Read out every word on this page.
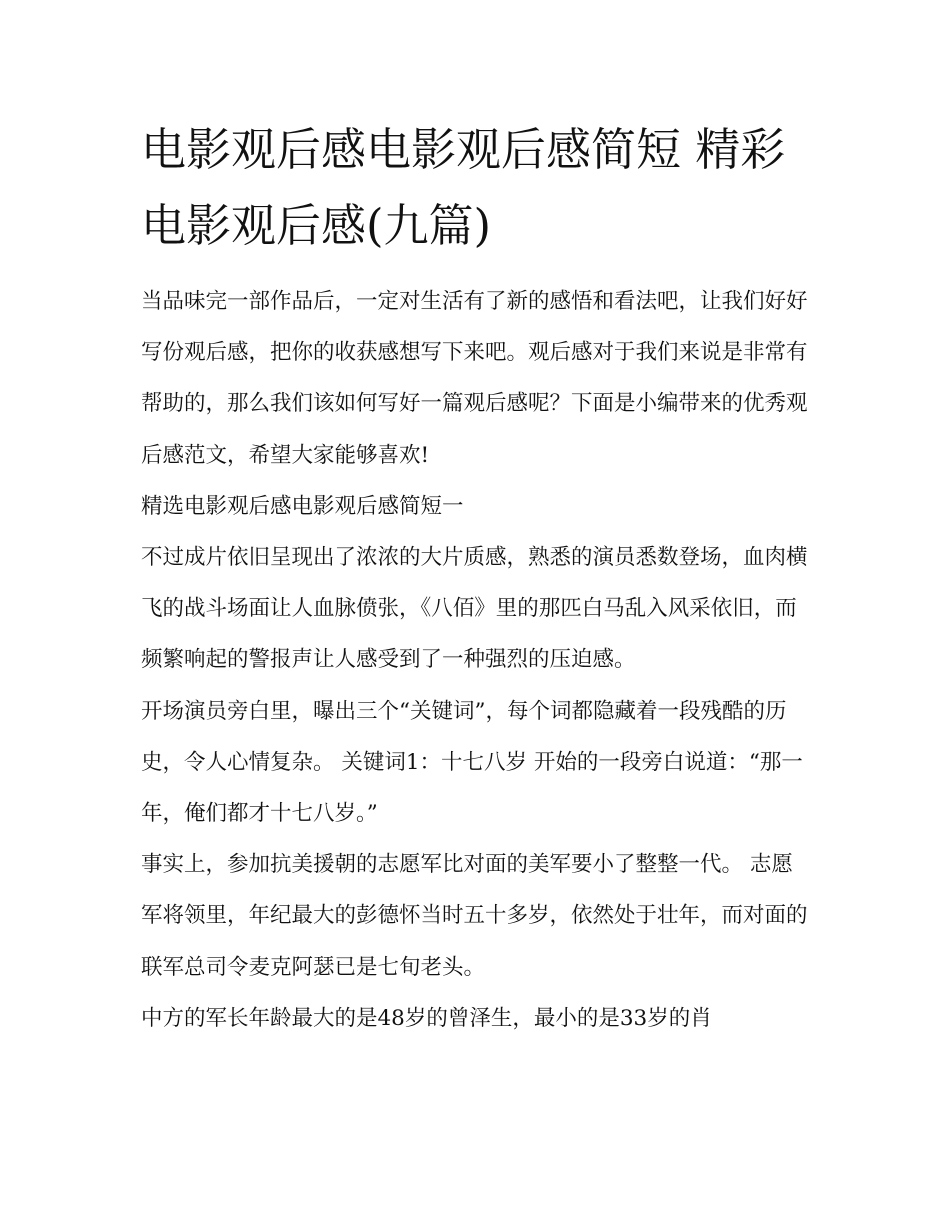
电影观后感电影观后感简短 精彩电影观后感(九篇)

当品味完一部作品后，一定对生活有了新的感悟和看法吧，让我们好好写份观后感，把你的收获感想写下来吧。观后感对于我们来说是非常有帮助的，那么我们该如何写好一篇观后感呢？下面是小编带来的优秀观后感范文，希望大家能够喜欢!

精选电影观后感电影观后感简短一

不过成片依旧呈现出了浓浓的大片质感，熟悉的演员悉数登场，血肉横飞的战斗场面让人血脉偾张，《八佰》里的那匹白马乱入风采依旧，而频繁响起的警报声让人感受到了一种强烈的压迫感。

开场演员旁白里，曝出三个“关键词”，每个词都隐藏着一段残酷的历史，令人心情复杂。 关键词1：十七八岁 开始的一段旁白说道：“那一年，俺们都才十七八岁。”

事实上，参加抗美援朝的志愿军比对面的美军要小了整整一代。 志愿军将领里，年纪最大的彭德怀当时五十多岁，依然处于壮年，而对面的联军总司令麦克阿瑟已是七旬老头。

中方的军长年龄最大的是48岁的曾泽生，最小的是33岁的肖
